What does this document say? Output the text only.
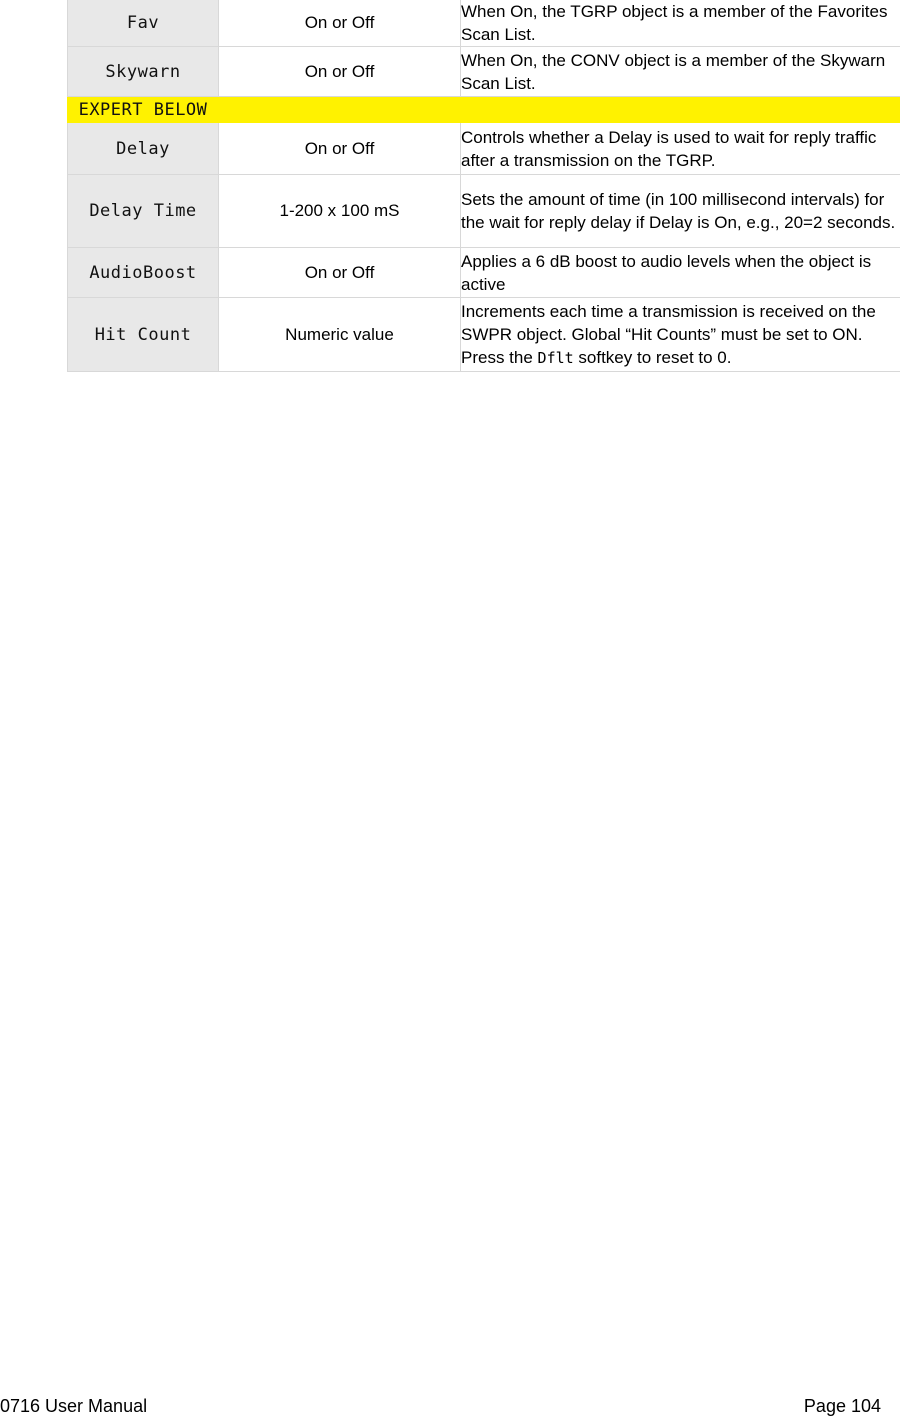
Fav	On or Off	When On, the TGRP object is a member of the Favorites Scan List.
Skywarn	On or Off	When On, the CONV object is a member of the Skywarn Scan List.
EXPERT BELOW		
Delay	On or Off	Controls whether a Delay is used to wait for reply traffic after a transmission on the TGRP.
Delay Time	1-200 x 100 mS	Sets the amount of time (in 100 millisecond intervals) for the wait for reply delay if Delay is On, e.g., 20=2 seconds.
AudioBoost	On or Off	Applies a 6 dB boost to audio levels when the object is active
Hit Count	Numeric value	Increments each time a transmission is received on the SWPR object. Global “Hit Counts” must be set to ON. Press the Dflt softkey to reset to 0.
0716 User Manual	Page 104
